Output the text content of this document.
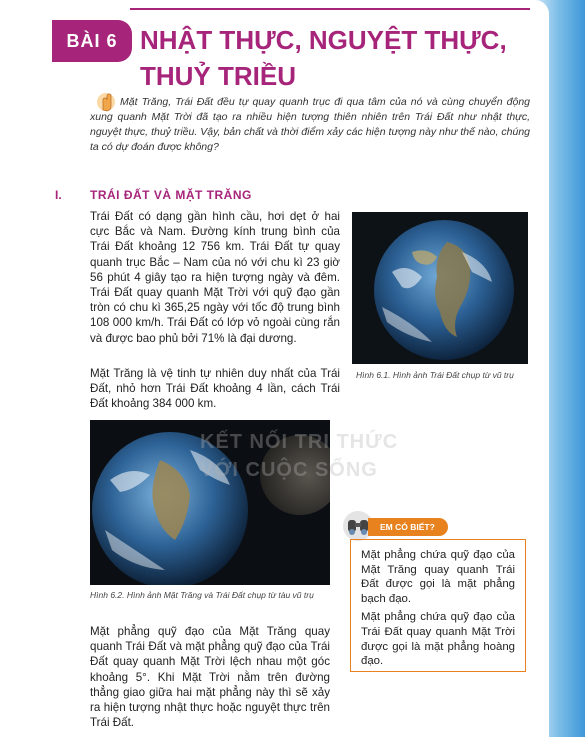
BÀI 6 NHẬT THỰC, NGUYỆT THỰC, THUỶ TRIỀU
Mặt Trăng, Trái Đất đều tự quay quanh trục đi qua tâm của nó và cùng chuyển động xung quanh Mặt Trời đã tạo ra nhiều hiện tượng thiên nhiên trên Trái Đất như nhật thực, nguyệt thực, thuỷ triều. Vậy, bản chất và thời điểm xảy các hiện tượng này như thế nào, chúng ta có dự đoán được không?
I. TRÁI ĐẤT VÀ MẶT TRĂNG
Trái Đất có dạng gần hình cầu, hơi dẹt ở hai cực Bắc và Nam. Đường kính trung bình của Trái Đất khoảng 12 756 km. Trái Đất tự quay quanh trục Bắc – Nam của nó với chu kì 23 giờ 56 phút 4 giây tạo ra hiện tượng ngày và đêm. Trái Đất quay quanh Mặt Trời với quỹ đạo gần tròn có chu kì 365,25 ngày với tốc độ trung bình 108 000 km/h. Trái Đất có lớp vỏ ngoài cùng rắn và được bao phủ bởi 71% là đại dương.
Hình 6.1. Hình ảnh Trái Đất chụp từ vũ trụ
Mặt Trăng là vệ tinh tự nhiên duy nhất của Trái Đất, nhỏ hơn Trái Đất khoảng 4 lần, cách Trái Đất khoảng 384 000 km.
KẾT NỐI TRI THỨC
VỚI CUỘC SỐNG
Hình 6.2. Hình ảnh Mặt Trăng và Trái Đất chụp từ tàu vũ trụ
Mặt phẳng quỹ đạo của Mặt Trăng quay quanh Trái Đất và mặt phẳng quỹ đạo của Trái Đất quay quanh Mặt Trời lệch nhau một góc khoảng 5°. Khi Mặt Trời nằm trên đường thẳng giao giữa hai mặt phẳng này thì sẽ xảy ra hiện tượng nhật thực hoặc nguyệt thực trên Trái Đất.
EM CÓ BIẾT?

Mặt phẳng chứa quỹ đạo của Mặt Trăng quay quanh Trái Đất được gọi là mặt phẳng bạch đạo.

Mặt phẳng chứa quỹ đạo của Trái Đất quay quanh Mặt Trời được gọi là mặt phẳng hoàng đạo.
